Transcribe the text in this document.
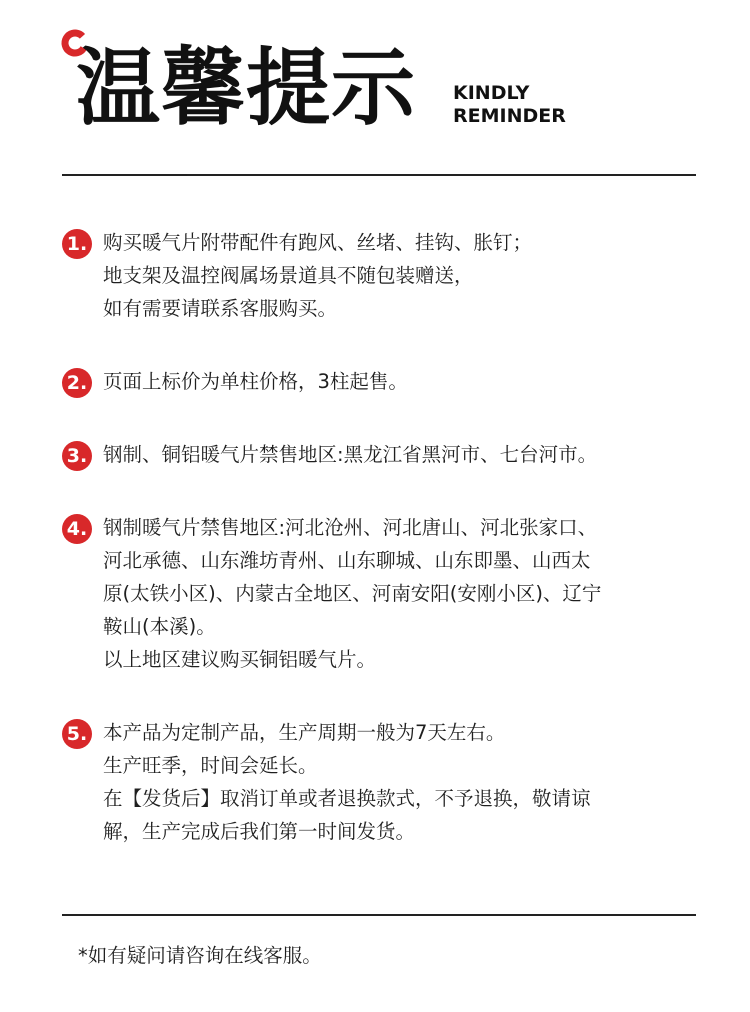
温馨提示 KINDLY
REMINDER
1. 购买暖气片附带配件有跑风、丝堵、挂钩、胀钉；
地支架及温控阀属场景道具不随包装赠送，
如有需要请联系客服购买。
2. 页面上标价为单柱价格，3柱起售。
3. 钢制、铜铝暖气片禁售地区:黑龙江省黑河市、七台河市。
4. 钢制暖气片禁售地区:河北沧州、河北唐山、河北张家口、
河北承德、山东潍坊青州、山东聊城、山东即墨、山西太
原(太铁小区)、内蒙古全地区、河南安阳(安刚小区)、辽宁
鞍山(本溪)。
以上地区建议购买铜铝暖气片。
5. 本产品为定制产品，生产周期一般为7天左右。
生产旺季，时间会延长。
在【发货后】取消订单或者退换款式，不予退换，敬请谅
解，生产完成后我们第一时间发货。
*如有疑问请咨询在线客服。
